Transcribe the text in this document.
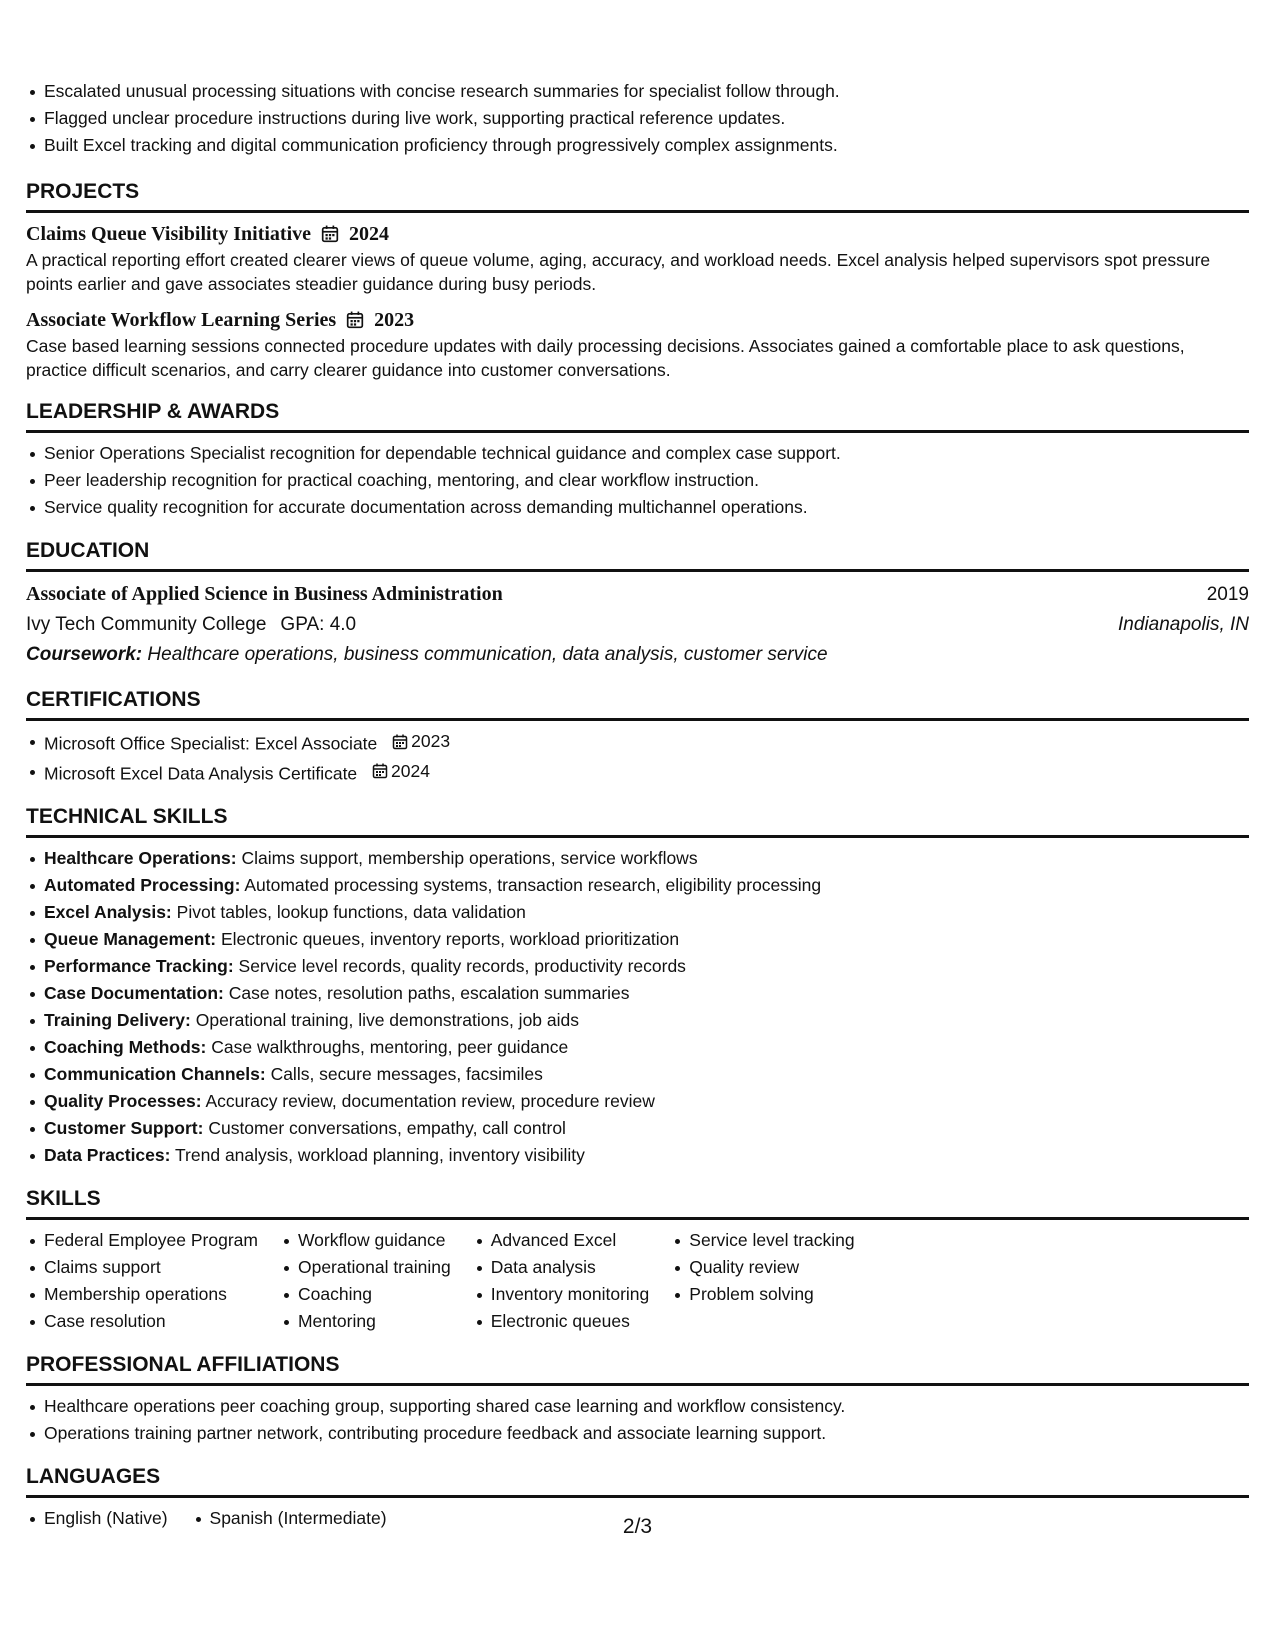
Escalated unusual processing situations with concise research summaries for specialist follow through.
Flagged unclear procedure instructions during live work, supporting practical reference updates.
Built Excel tracking and digital communication proficiency through progressively complex assignments.
PROJECTS
Claims Queue Visibility Initiative 2024
A practical reporting effort created clearer views of queue volume, aging, accuracy, and workload needs. Excel analysis helped supervisors spot pressure points earlier and gave associates steadier guidance during busy periods.
Associate Workflow Learning Series 2023
Case based learning sessions connected procedure updates with daily processing decisions. Associates gained a comfortable place to ask questions, practice difficult scenarios, and carry clearer guidance into customer conversations.
LEADERSHIP & AWARDS
Senior Operations Specialist recognition for dependable technical guidance and complex case support.
Peer leadership recognition for practical coaching, mentoring, and clear workflow instruction.
Service quality recognition for accurate documentation across demanding multichannel operations.
EDUCATION
Associate of Applied Science in Business Administration	2019
Ivy Tech Community College GPA: 4.0	Indianapolis, IN
Coursework: Healthcare operations, business communication, data analysis, customer service
CERTIFICATIONS
Microsoft Office Specialist: Excel Associate 2023
Microsoft Excel Data Analysis Certificate 2024
TECHNICAL SKILLS
Healthcare Operations: Claims support, membership operations, service workflows
Automated Processing: Automated processing systems, transaction research, eligibility processing
Excel Analysis: Pivot tables, lookup functions, data validation
Queue Management: Electronic queues, inventory reports, workload prioritization
Performance Tracking: Service level records, quality records, productivity records
Case Documentation: Case notes, resolution paths, escalation summaries
Training Delivery: Operational training, live demonstrations, job aids
Coaching Methods: Case walkthroughs, mentoring, peer guidance
Communication Channels: Calls, secure messages, facsimiles
Quality Processes: Accuracy review, documentation review, procedure review
Customer Support: Customer conversations, empathy, call control
Data Practices: Trend analysis, workload planning, inventory visibility
SKILLS
Federal Employee Program
Claims support
Membership operations
Case resolution
Workflow guidance
Operational training
Coaching
Mentoring
Advanced Excel
Data analysis
Inventory monitoring
Electronic queues
Service level tracking
Quality review
Problem solving
PROFESSIONAL AFFILIATIONS
Healthcare operations peer coaching group, supporting shared case learning and workflow consistency.
Operations training partner network, contributing procedure feedback and associate learning support.
LANGUAGES
English (Native)	Spanish (Intermediate)	2/3
